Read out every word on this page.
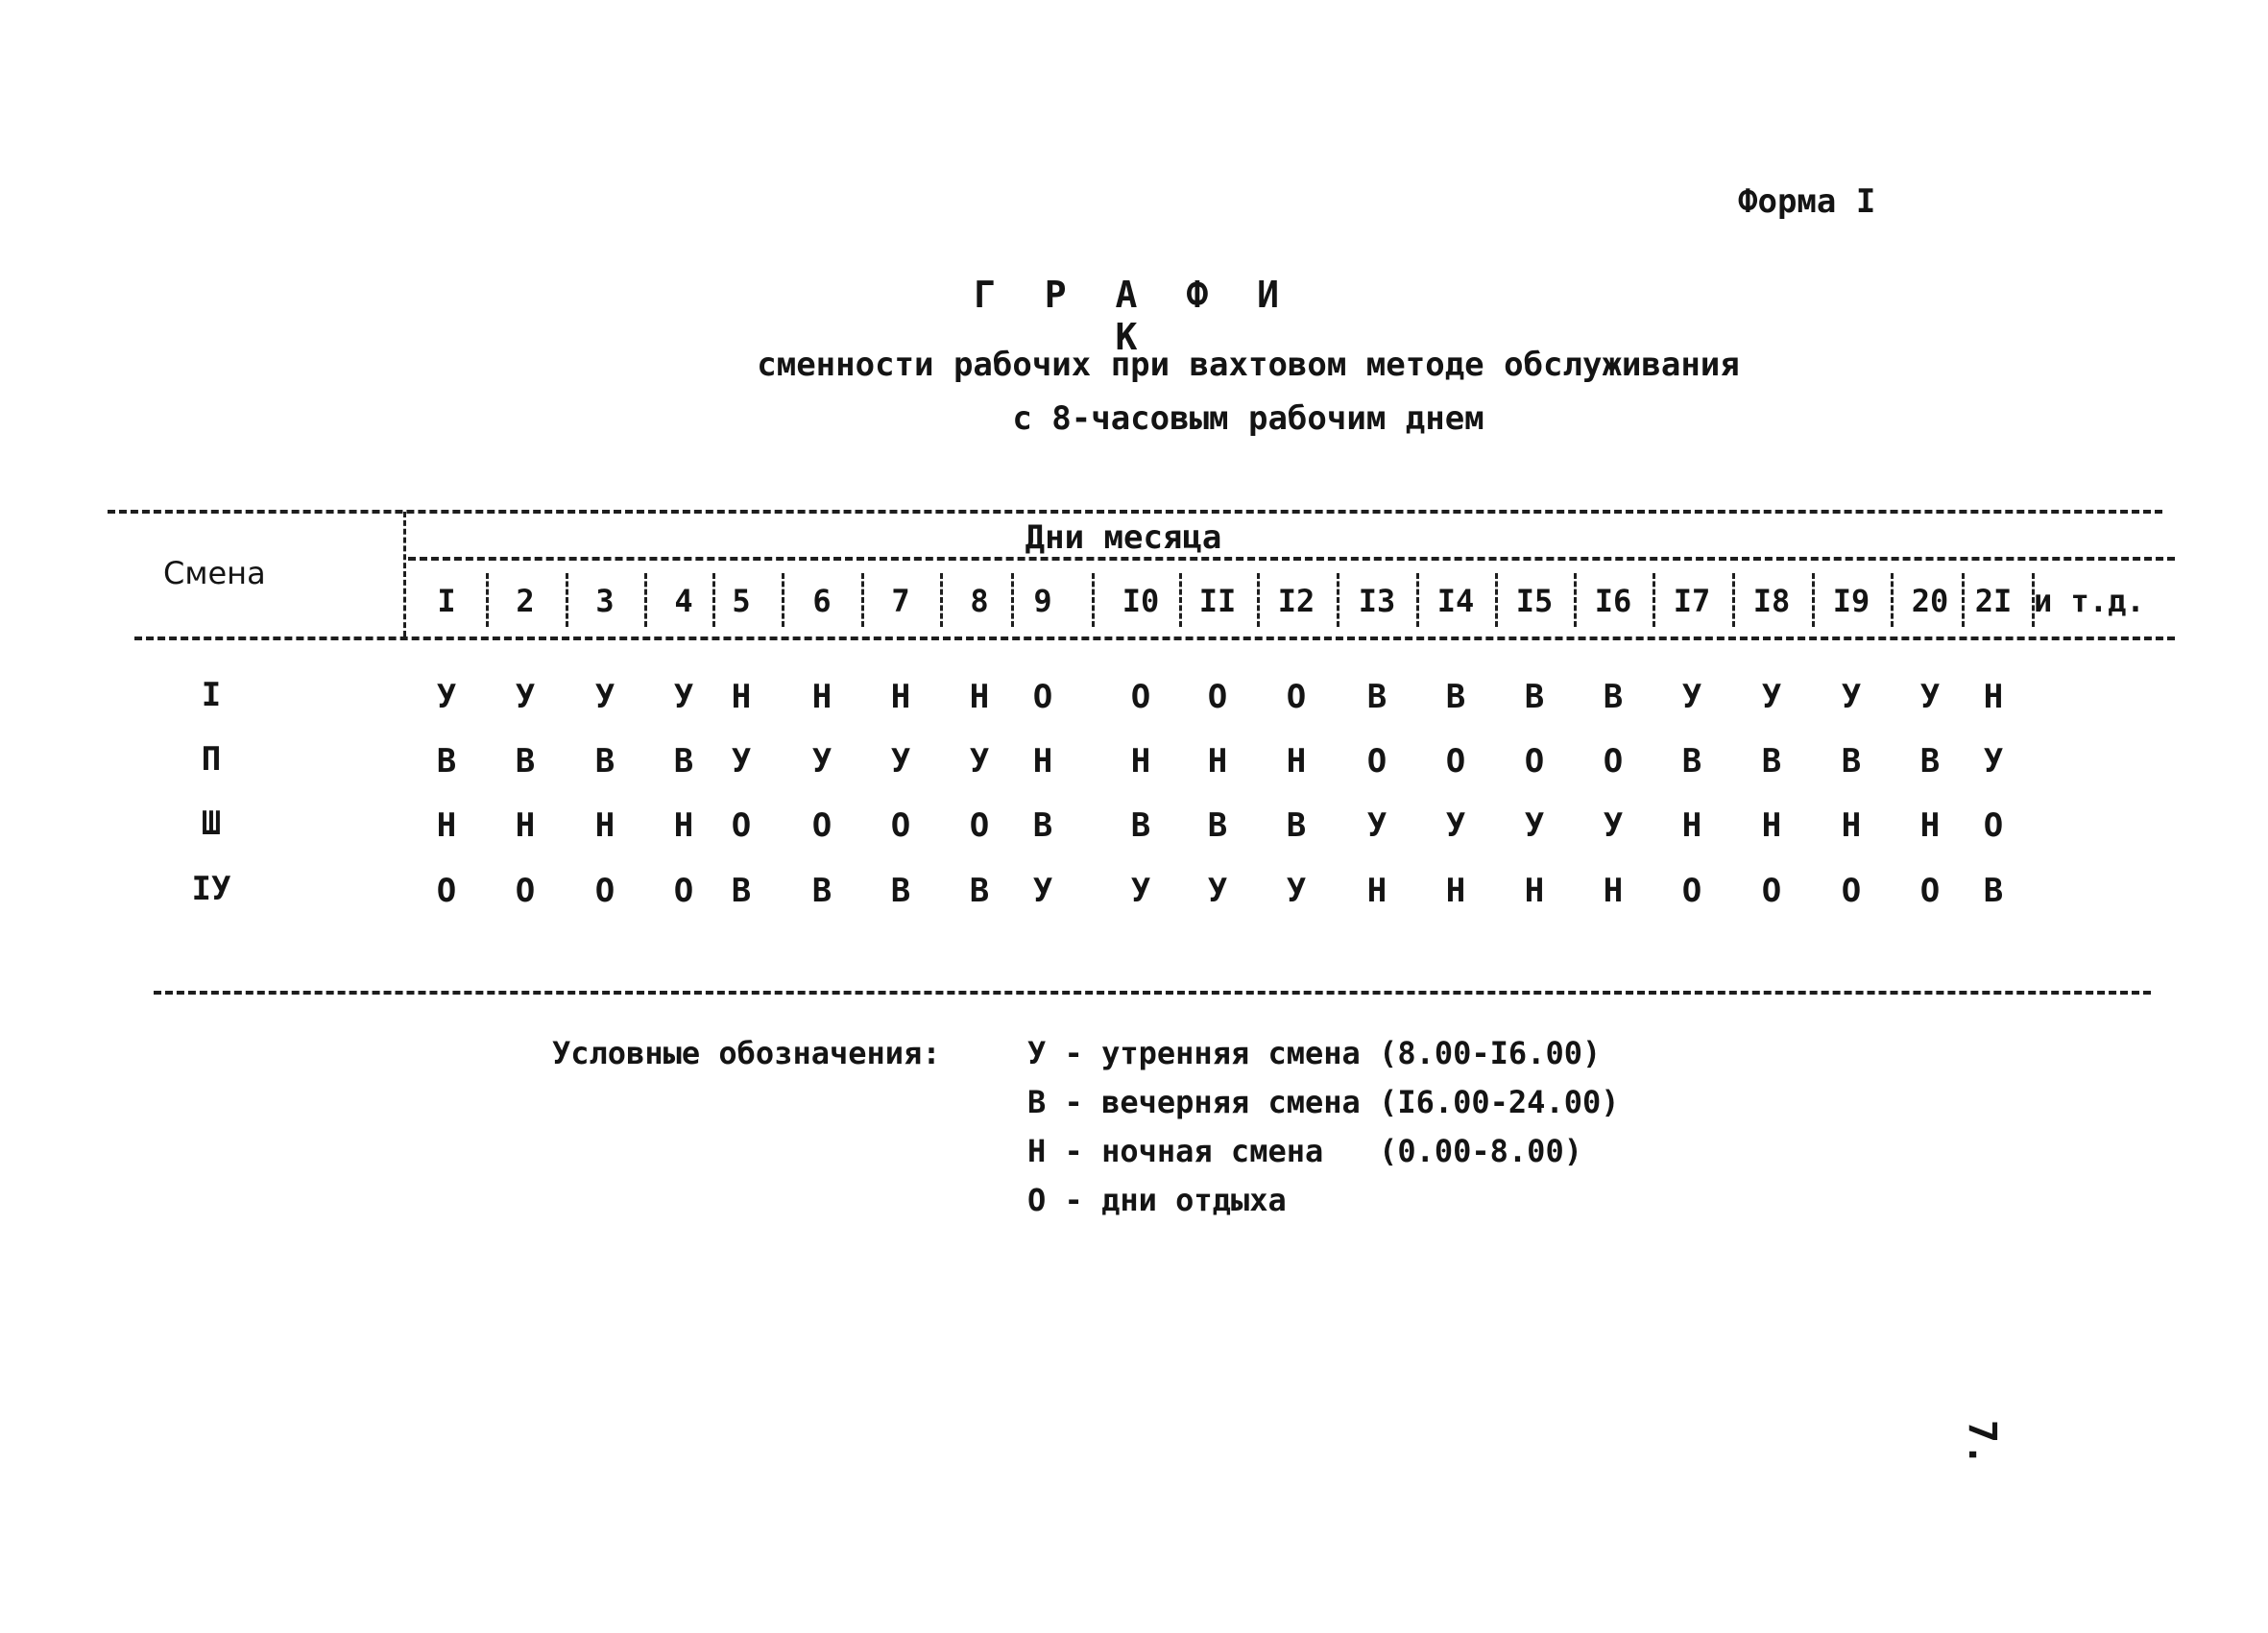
Форма I
Г Р А Ф И К
сменности рабочих при вахтовом методе обслуживания
с 8-часовым рабочим днем
Смена
Дни месяца
I	2	3	4	5	6	7	8	9	I0 II I2 I3 I4 I5 I6 I7 I8 I9 20 2I и т.д.
I	У	У	У	У	Н	Н	Н	Н	О	О	О	О	В	В	В	В	У	У	У	У	Н
П	В	В	В	В	У	У	У	У	Н	Н	Н	Н	О	О	О	О	В	В	В	В	У
Ш	Н	Н	Н	Н	О	О	О	О	В	В	В	В	У	У	У	У	Н	Н	Н	Н	О
IУ	О	О	О	О	В	В	В	В	У	У	У	У	Н	Н	Н	Н	О	О	О	О	В
Условные обозначения:	У - утренняя смена (8.00-I6.00)
В - вечерняя смена (I6.00-24.00)
Н - ночная смена   (0.00-8.00)
О - дни отдыха
7.
